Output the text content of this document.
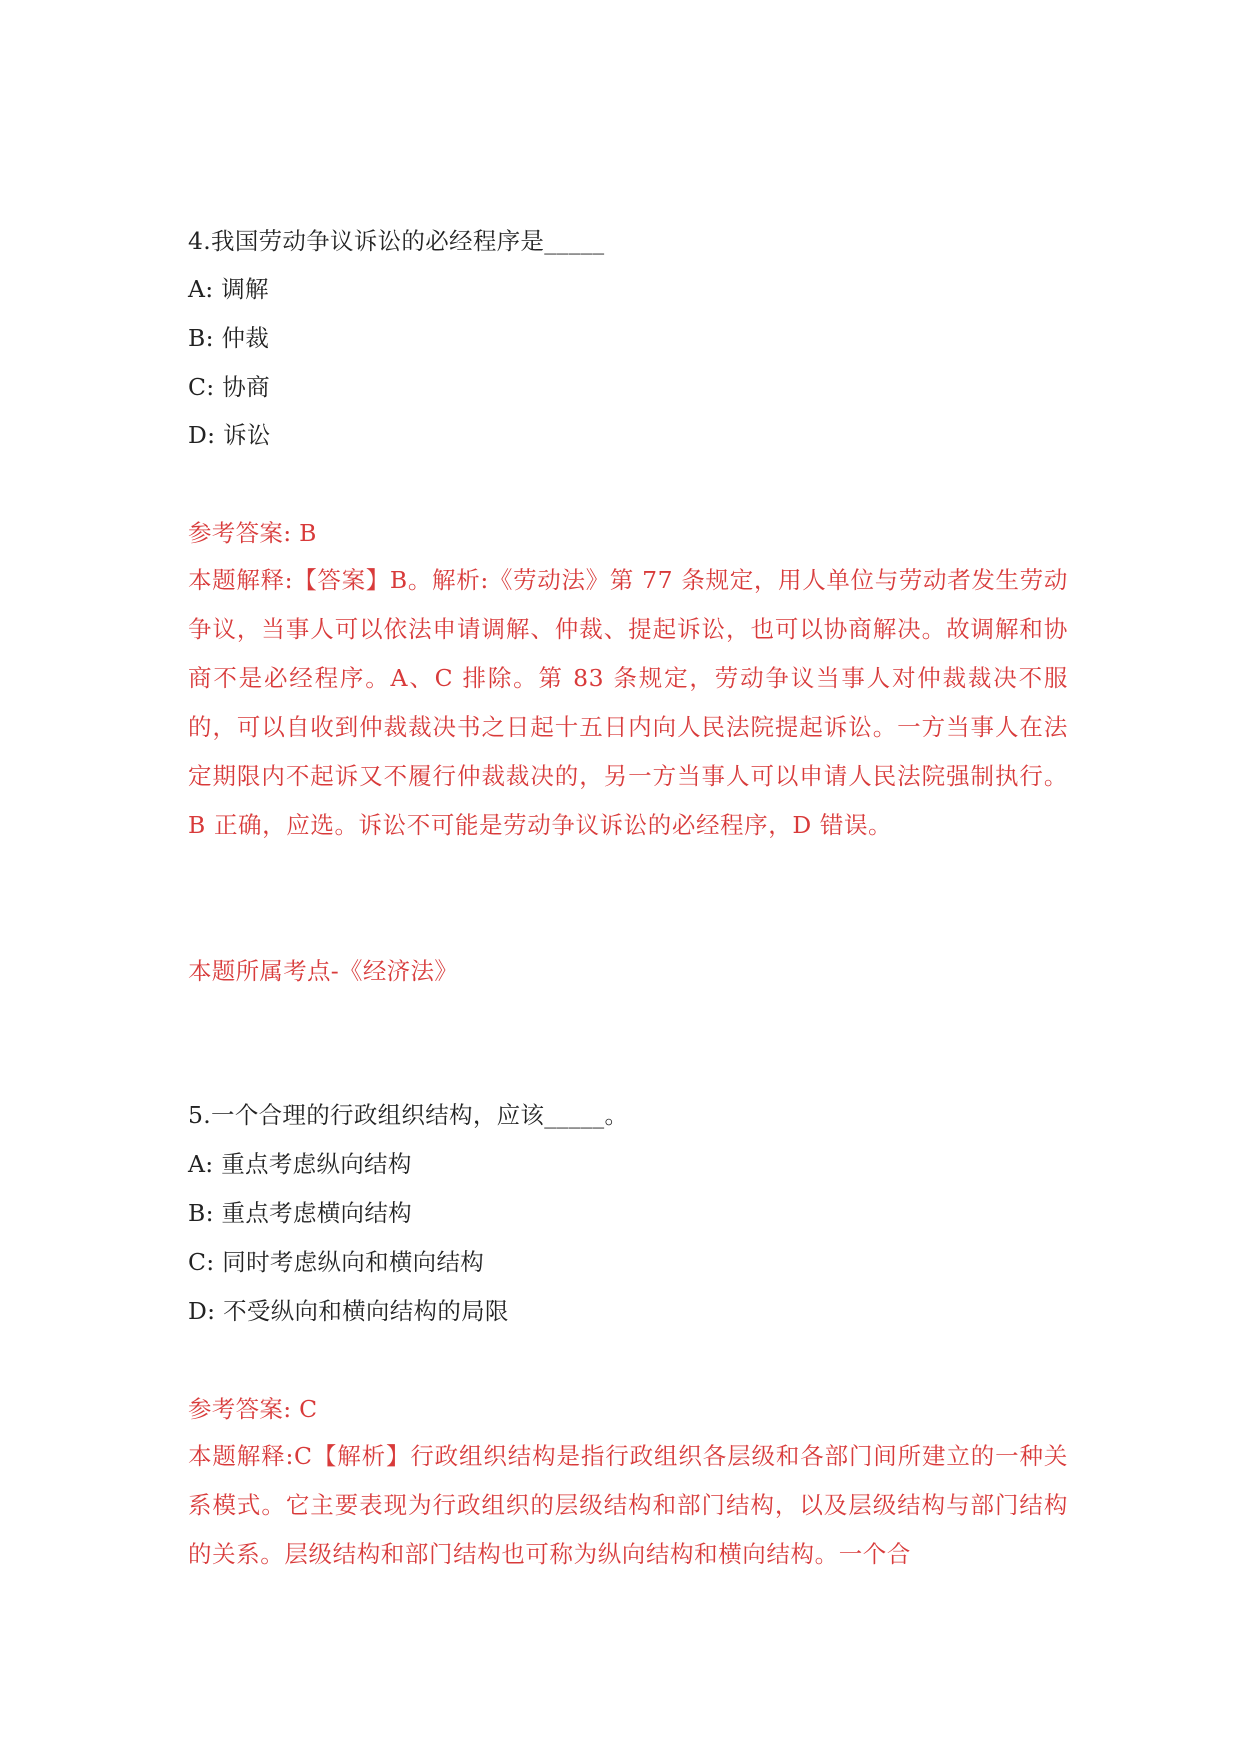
4.我国劳动争议诉讼的必经程序是_____
A: 调解
B: 仲裁
C: 协商
D: 诉讼
参考答案: B
本题解释:【答案】B。解析:《劳动法》第 77 条规定，用人单位与劳动者发生劳动争议，当事人可以依法申请调解、仲裁、提起诉讼，也可以协商解决。故调解和协商不是必经程序。A、C 排除。第 83 条规定，劳动争议当事人对仲裁裁决不服的，可以自收到仲裁裁决书之日起十五日内向人民法院提起诉讼。一方当事人在法定期限内不起诉又不履行仲裁裁决的，另一方当事人可以申请人民法院强制执行。B 正确，应选。诉讼不可能是劳动争议诉讼的必经程序，D 错误。
本题所属考点-《经济法》
5.一个合理的行政组织结构，应该_____。
A: 重点考虑纵向结构
B: 重点考虑横向结构
C: 同时考虑纵向和横向结构
D: 不受纵向和横向结构的局限
参考答案: C
本题解释:C【解析】行政组织结构是指行政组织各层级和各部门间所建立的一种关系模式。它主要表现为行政组织的层级结构和部门结构，以及层级结构与部门结构的关系。层级结构和部门结构也可称为纵向结构和横向结构。一个合
